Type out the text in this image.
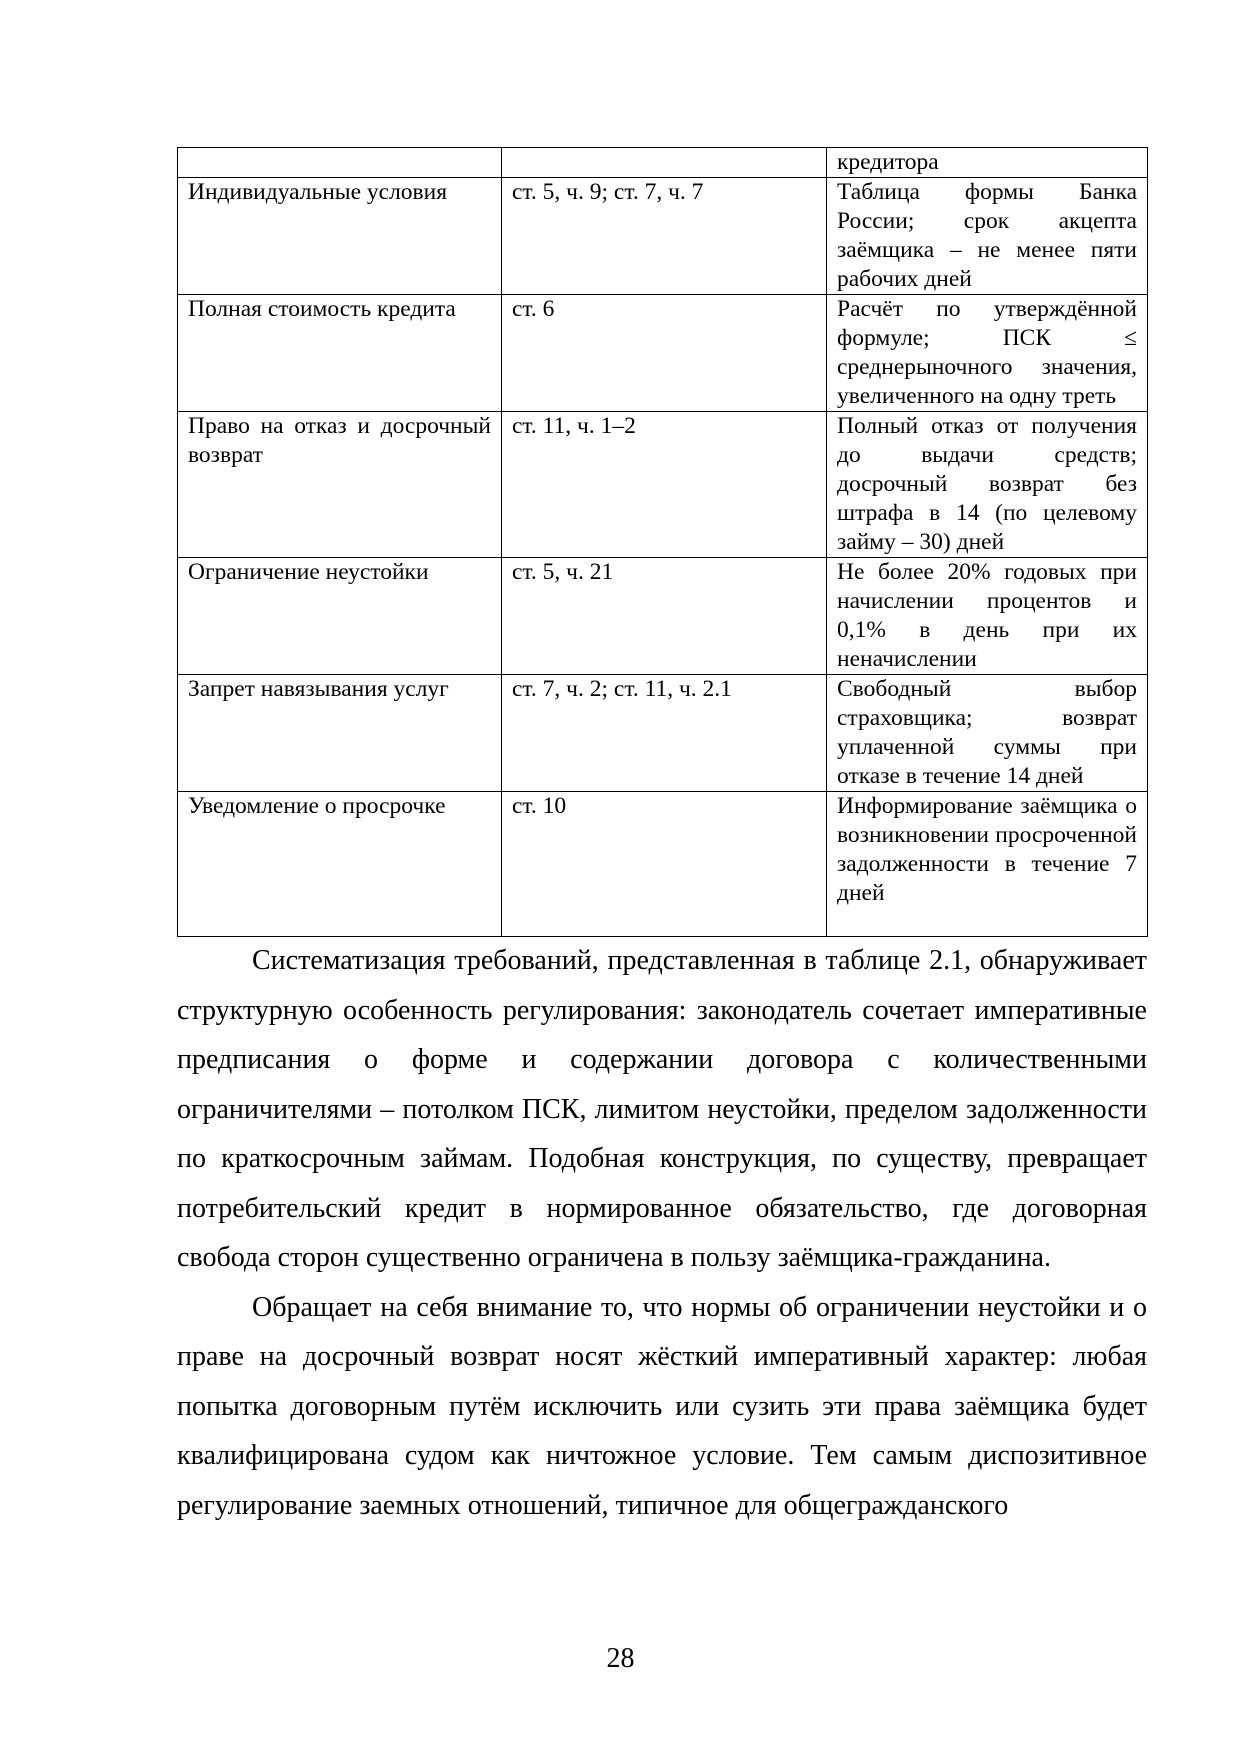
		кредитора
Индивидуальные условия	ст. 5, ч. 9; ст. 7, ч. 7	Таблица формы Банка России; срок акцепта заёмщика – не менее пяти рабочих дней
Полная стоимость кредита	ст. 6	Расчёт по утверждённой формуле; ПСК ≤ среднерыночного значения, увеличенного на одну треть
Право на отказ и досрочный возврат	ст. 11, ч. 1–2	Полный отказ от получения до выдачи средств; досрочный возврат без штрафа в 14 (по целевому займу – 30) дней
Ограничение неустойки	ст. 5, ч. 21	Не более 20% годовых при начислении процентов и 0,1% в день при их неначислении
Запрет навязывания услуг	ст. 7, ч. 2; ст. 11, ч. 2.1	Свободный выбор страховщика; возврат уплаченной суммы при отказе в течение 14 дней
Уведомление о просрочке	ст. 10	Информирование заёмщика о возникновении просроченной задолженности в течение 7 дней

Систематизация требований, представленная в таблице 2.1, обнаруживает структурную особенность регулирования: законодатель сочетает императивные предписания о форме и содержании договора с количественными ограничителями – потолком ПСК, лимитом неустойки, пределом задолженности по краткосрочным займам. Подобная конструкция, по существу, превращает потребительский кредит в нормированное обязательство, где договорная свобода сторон существенно ограничена в пользу заёмщика-гражданина.

Обращает на себя внимание то, что нормы об ограничении неустойки и о праве на досрочный возврат носят жёсткий императивный характер: любая попытка договорным путём исключить или сузить эти права заёмщика будет квалифицирована судом как ничтожное условие. Тем самым диспозитивное регулирование заемных отношений, типичное для общегражданского

28
